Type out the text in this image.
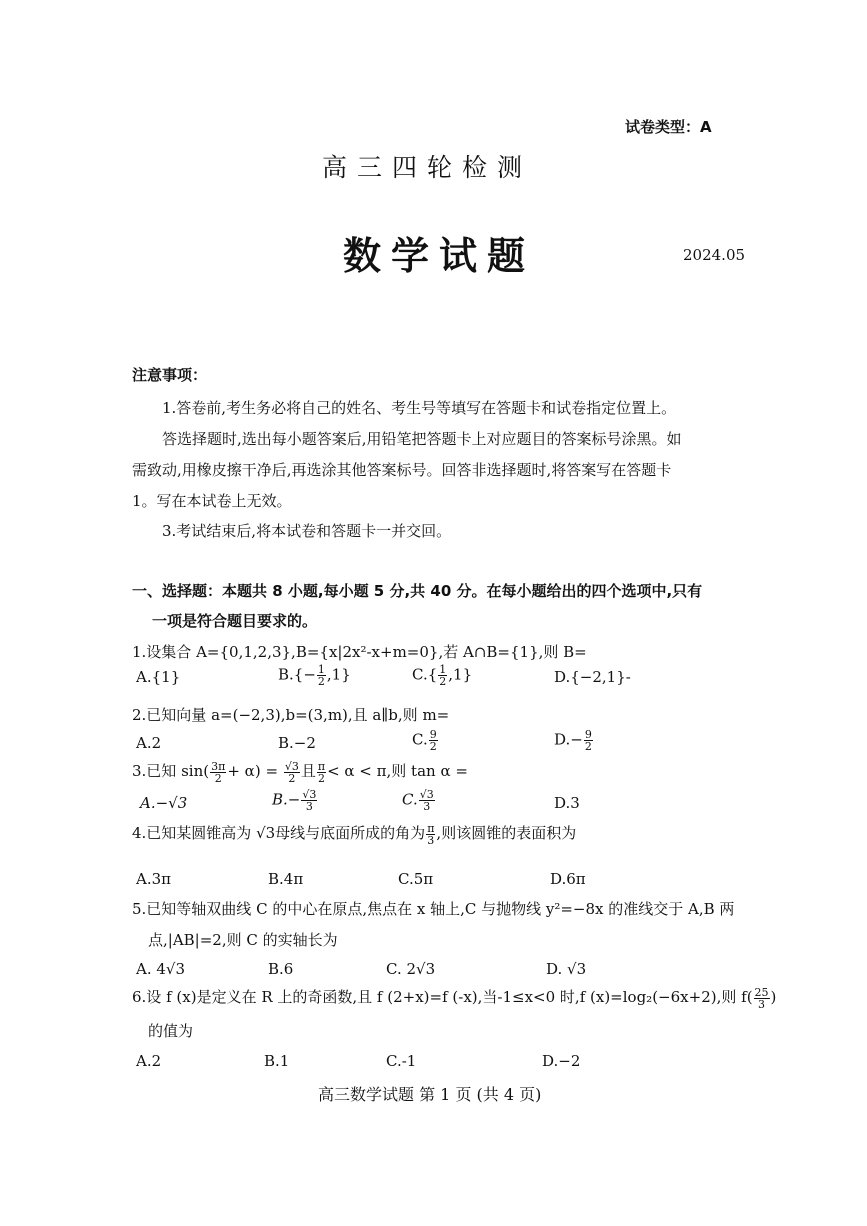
试卷类型：A
高三四轮检测
数学试题	2024.05
注意事项：
1.答卷前,考生务必将自己的姓名、考生号等填写在答题卡和试卷指定位置上。
答选择题时,选出每小题答案后,用铅笔把答题卡上对应题目的答案标号涂黑。如
需致动,用橡皮擦干净后,再选涂其他答案标号。回答非选择题时,将答案写在答题卡
1。写在本试卷上无效。
3.考试结束后,将本试卷和答题卡一并交回。
一、选择题：本题共 8 小题,每小题 5 分,共 40 分。在每小题给出的四个选项中,只有
一项是符合题目要求的。
1.设集合 A={0,1,2,3},B={x|2x²-x+m=0},若 A∩B={1},则 B=
A.{1}	$B.\{- \frac{1}{2} ,1\}$	$C.\{ \frac{1}{2} ,1\}$	D.{−2,1}-
2.已知向量 a=(−2,3),b=(3,m),且 a∥b,则 m=
A.2	B.−2	C. $\frac{9}{2}$	$D.- \frac{9}{2}$
3.已知 $\sin( \frac{3\pi}{2} + \alpha) = \frac{√3}{2}$ 且 $\frac{\pi}{2} < \alpha < \pi$,则 tan α =
A.−√3	$B.- \frac{√3}{3}$	C. $\frac{√3}{3}$	D.3
4.已知某圆锥高为 √3母线与底面所成的角为 $\frac{\pi}{3}$ ,则该圆锥的表面积为
A.3π	B.4π	C.5π	D.6π
5.已知等轴双曲线 C 的中心在原点,焦点在 x 轴上,C 与抛物线 y²=−8x 的准线交于 A,B 两
点,|AB|=2,则 C 的实轴长为
A. 4√3	B.6	C. 2√3	D. √3
6.设 f (x)是定义在 R 上的奇函数,且 f (2+x)=f (-x),当-1≤x<0 时,f (x)=log₂(−6x+2),则 $f( \frac{25}{3}$ )
的值为
A.2	B.1	C.-1	D.−2
高三数学试题 第 1 页 (共 4 页)
